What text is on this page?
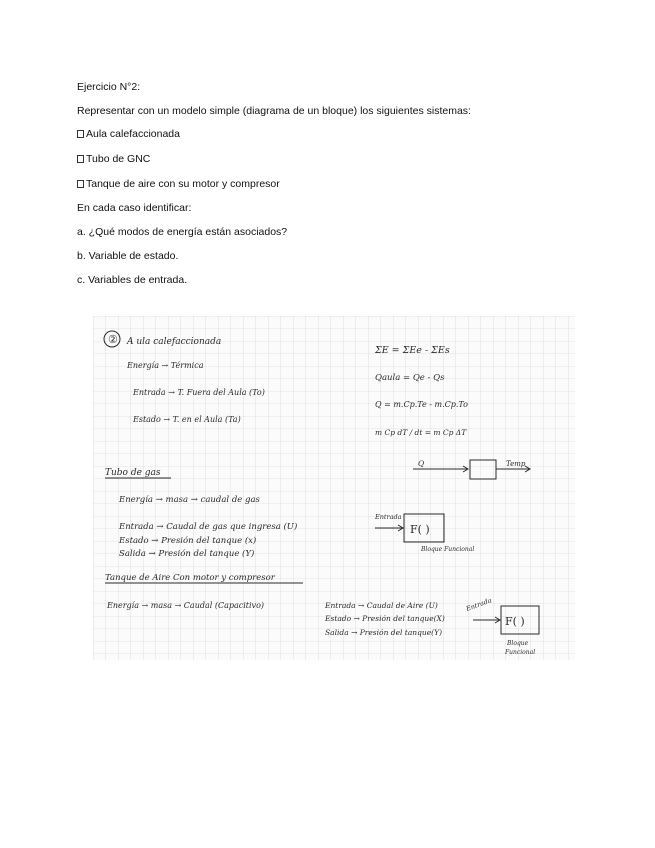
Ejercicio N°2:
Representar con un modelo simple (diagrama de un bloque) los siguientes sistemas:
Aula calefaccionada
Tubo de GNC
Tanque de aire con su motor y compresor
En cada caso identificar:
a. ¿Qué modos de energía están asociados?
b. Variable de estado.
c. Variables de entrada.
② A ula calefaccionada
Energía → Térmica
Entrada → T. Fuera del Aula (To)
Estado → T. en el Aula (Ta)
ΣE = ΣEe - ΣEs
Qaula = Qe - Qs
Q = m.Cp.Te - m.Cp.To
m Cp dT / dt = m Cp ΔT
Q	Temp
Tubo de gas
Energía → masa → caudal de gas
Entrada → Caudal de gas que ingresa (U)
Estado → Presión del tanque (x)
Salida → Presión del tanque (Y)
Entrada
F( )
Bloque Funcional
Tanque de Aire Con motor y compresor
Energía → masa → Caudal (Capacitivo)	Entrada → Caudal de Aire (U)
Estado → Presión del tanque(X)
Salida → Presión del tanque(Y)
Entrada
F( )
Bloque
Funcional
